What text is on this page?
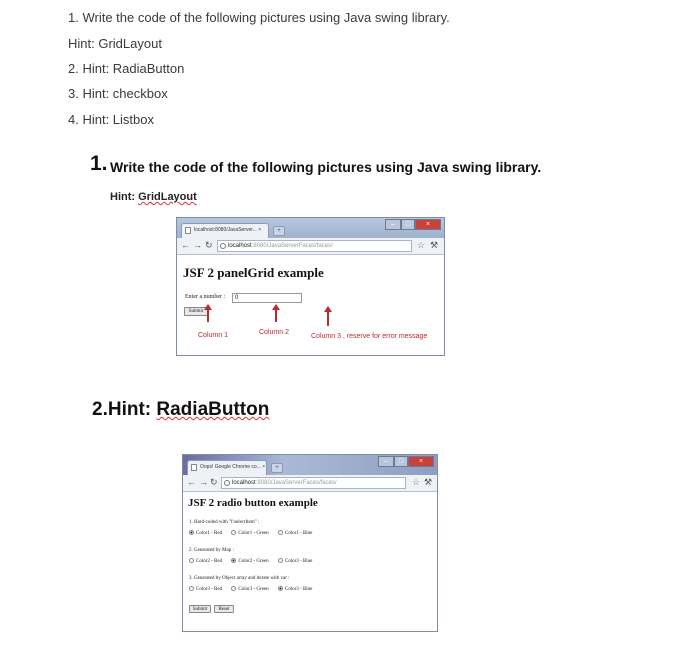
1. Write the code of the following pictures using Java swing library.
Hint: GridLayout
2. Hint: RadiaButton
3. Hint: checkbox
4. Hint: Listbox
1. Write the code of the following pictures using Java swing library.
Hint: GridLayout
localhost:8080/JavaServer... ×	+
–	□	×
← → ↻	localhost:8080/JavaServerFaces/faces/	☆ ⚒
JSF 2 panelGrid example
Enter a number :	0
Submit
Column 1	Column 2
Column 3 , reserve for error message
2.Hint: RadiaButton
Oops! Google Chrome co... ×	+
–	□	×
← → ↻	localhost:8080/JavaServerFaces/faces/	☆ ⚒
JSF 2 radio button example
1. Hard-coded with "f:selectItem" :
Color1 - Red	Color1 - Green	Color1 - Blue
2. Generated by Map :
Color2 - Red	Color2 - Green	Color3 - Blue
3. Generated by Object array and iterate with var :
Color3 - Red	Color3 - Green	Color3 - Blue
Submit	Reset
